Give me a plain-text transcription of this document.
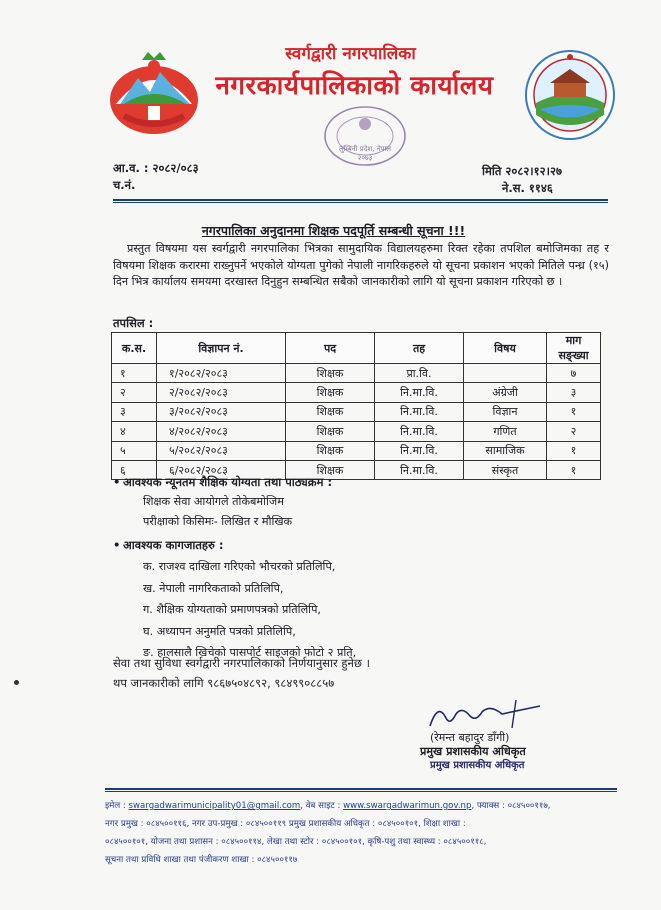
स्वर्गद्वारी नगरपालिका
नगरकार्यपालिकाको कार्यालय
लुम्बिनी प्रदेश, नेपाल
२०७३
आ.व. : २०८२/०८३
च.नं.
मिति २०८२।१२।२७
ने.स. ११४६
नगरपालिका अनुदानमा शिक्षक पदपूर्ति सम्बन्धी सूचना !!!
प्रस्तुत विषयमा यस स्वर्गद्वारी नगरपालिका भित्रका सामुदायिक विद्यालयहरुमा रिक्त रहेका तपशिल बमोजिमका तह र विषयमा शिक्षक करारमा राख्नुपर्ने भएकोले योग्यता पुगेको नेपाली नागरिकहरुले यो सूचना प्रकाशन भएको मितिले पन्ध्र (१५) दिन भित्र कार्यालय समयमा दरखास्त दिनुहुन सम्बन्धित सबैको जानकारीको लागि यो सूचना प्रकाशन गरिएको छ ।
तपसिल :
क.स.	विज्ञापन नं.	पद	तह	विषय	माग सङ्ख्या
१	१/२०८२/२०८३	शिक्षक	प्रा.वि.		७
२	२/२०८२/२०८३	शिक्षक	नि.मा.वि.	अंग्रेजी	३
३	३/२०८२/२०८३	शिक्षक	नि.मा.वि.	विज्ञान	१
४	४/२०८२/२०८३	शिक्षक	नि.मा.वि.	गणित	२
५	५/२०८२/२०८३	शिक्षक	नि.मा.वि.	सामाजिक	१
६	६/२०८२/२०८३	शिक्षक	नि.मा.वि.	संस्कृत	१
• आवश्यक न्यूनतम शैक्षिक योग्यता तथा पाठ्यक्रम :
शिक्षक सेवा आयोगले तोकेबमोजिम
परीक्षाको किसिमः- लिखित र मौखिक
• आवश्यक कागजातहरु :
क. राजश्व दाखिला गरिएको भौचरको प्रतिलिपि,
ख. नेपाली नागरिकताको प्रतिलिपि,
ग. शैक्षिक योग्यताको प्रमाणपत्रको प्रतिलिपि,
घ. अध्यापन अनुमति पत्रको प्रतिलिपि,
ङ. हालसालै खिचेको पासपोर्ट साइजको फोटो २ प्रति,
सेवा तथा सुविधा स्वर्गद्वारी नगरपालिकाको निर्णयानुसार हुनेछ ।
थप जानकारीको लागि ९८६७५०४८९२, ९८४९९०८८५७
(रेमन्त बहादुर डाँगी)
प्रमुख प्रशासकीय अधिकृत
प्रमुख प्रशासकीय अधिकृत
इमेल : swargadwarimunicipality01@gmail.com, वेब साइट : www.swargadwarimun.gov.np, फ्याक्स : ०८४५००११७,
नगर प्रमुख : ०८४५००११६, नगर उप-प्रमुख : ०८४५००११९ प्रमुख प्रशासकीय अधिकृत : ०८४५००१०१, शिक्षा शाखा :
०८४५००१०१, योजना तथा प्रशासन : ०८४५००११४, लेखा तथा स्टोर : ०८४५००१०१, कृषि-पशु तथा स्वास्थ्य : ०८४५००११८,
सूचना तथा प्रविधि शाखा तथा पंजीकरण शाखा : ०८४५००११७
